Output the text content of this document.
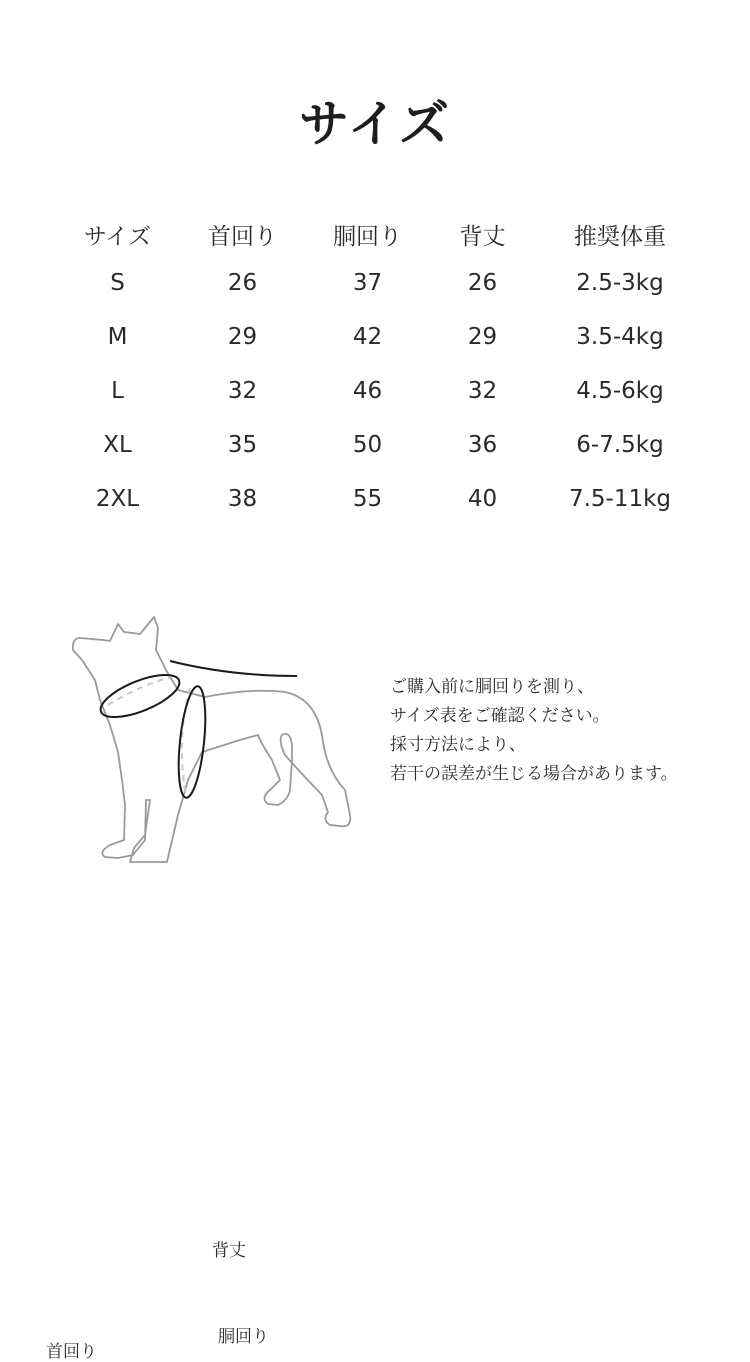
サイズ
サイズ	首回り	胴回り	背丈	推奨体重
S	26	37	26	2.5-3kg
M	29	42	29	3.5-4kg
L	32	46	32	4.5-6kg
XL	35	50	36	6-7.5kg
2XL	38	55	40	7.5-11kg
背丈
胴回り
首回り
ご購入前に胴回りを測り、
サイズ表をご確認ください。
採寸方法により、
若干の誤差が生じる場合があります。
